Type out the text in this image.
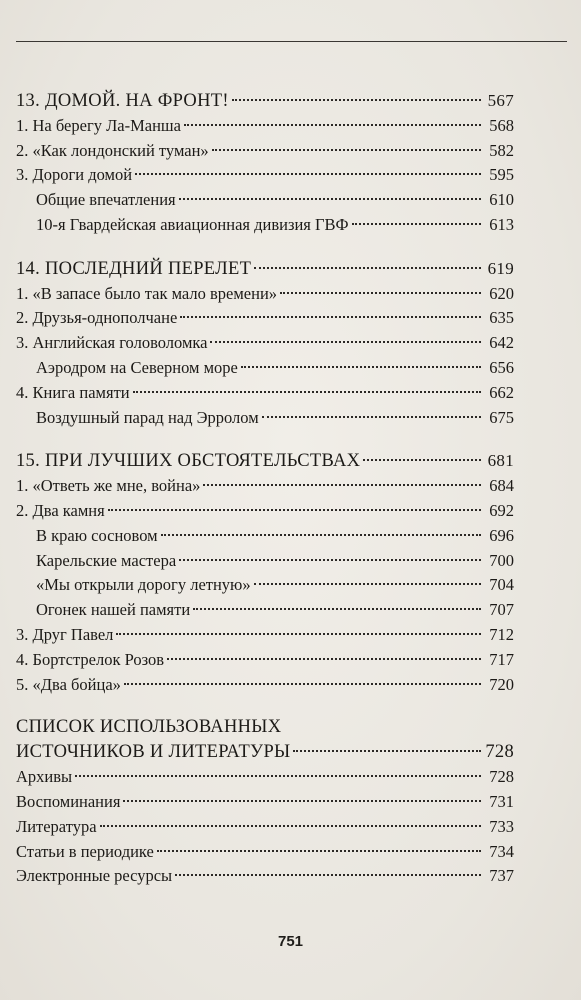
13. ДОМОЙ. НА ФРОНТ!	567
1. На берегу Ла-Манша	568
2. «Как лондонский туман»	582
3. Дороги домой	595
Общие впечатления	610
10-я Гвардейская авиационная дивизия ГВФ	613
14. ПОСЛЕДНИЙ ПЕРЕЛЕТ	619
1. «В запасе было так мало времени»	620
2. Друзья-однополчане	635
3. Английская головоломка	642
Аэродром на Северном море	656
4. Книга памяти	662
Воздушный парад над Эрролом	675
15. ПРИ ЛУЧШИХ ОБСТОЯТЕЛЬСТВАХ	681
1. «Ответь же мне, война»	684
2. Два камня	692
В краю сосновом	696
Карельские мастера	700
«Мы открыли дорогу летную»	704
Огонек нашей памяти	707
3. Друг Павел	712
4. Бортстрелок Розов	717
5. «Два бойца»	720
СПИСОК ИСПОЛЬЗОВАННЫХ
ИСТОЧНИКОВ И ЛИТЕРАТУРЫ	728
Архивы	728
Воспоминания	731
Литература	733
Статьи в периодике	734
Электронные ресурсы	737
751
